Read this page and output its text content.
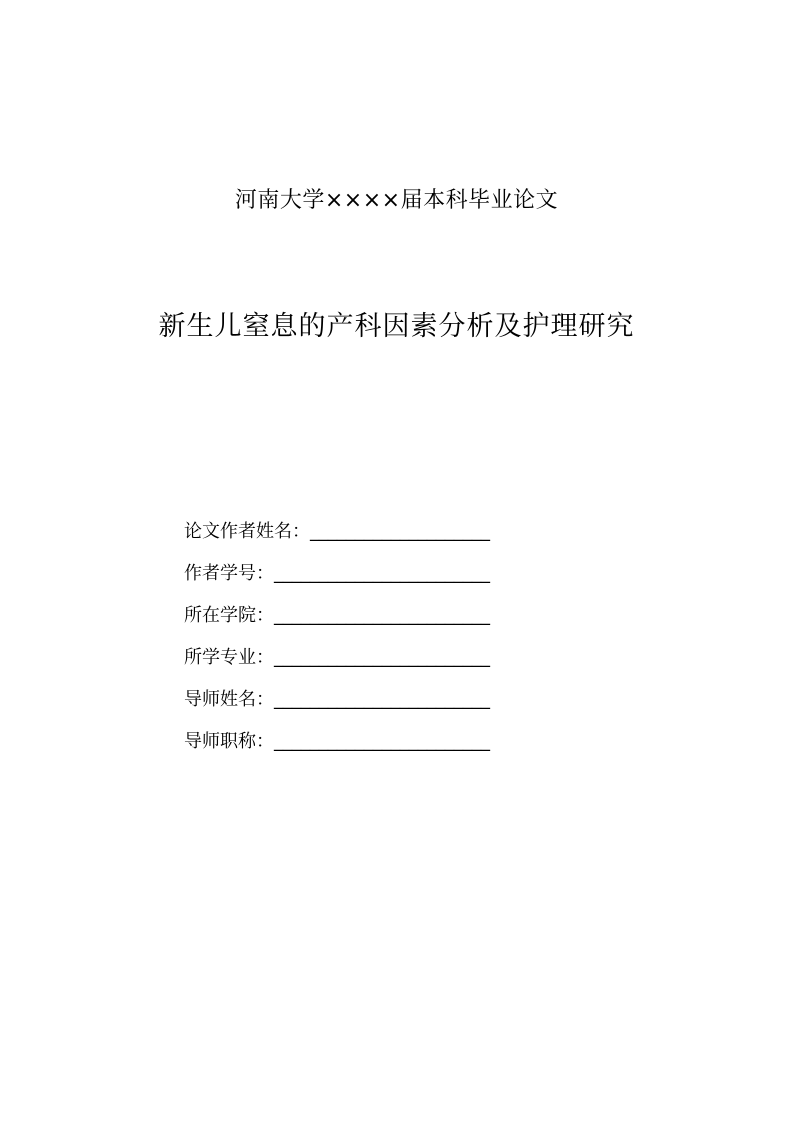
河南大学××××届本科毕业论文
新生儿窒息的产科因素分析及护理研究
论文作者姓名： ____________________
作者学号： ________________________
所在学院： ________________________
所学专业： ________________________
导师姓名： ________________________
导师职称： ________________________
